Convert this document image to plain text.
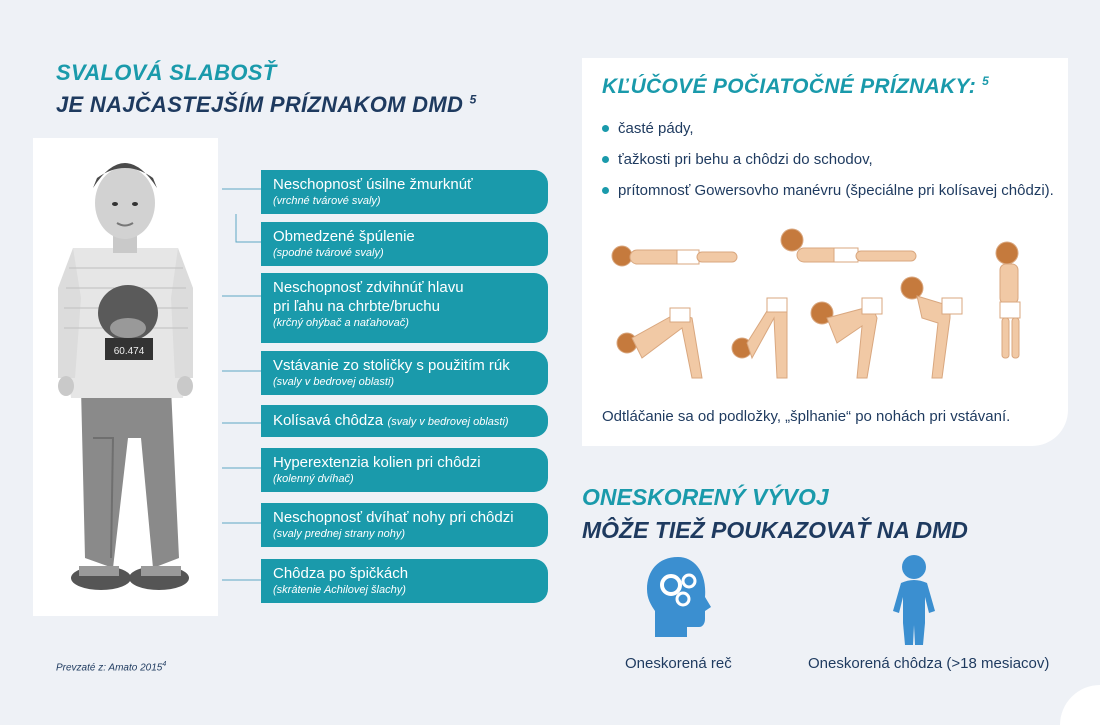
SVALOVÁ SLABOSŤ
JE NAJČASTEJŠÍM PRÍZNAKOM DMD $^5$
60.474
Neschopnosť úsilne žmurknúť
(vrchné tvárové svaly)
Obmedzené špúlenie
(spodné tvárové svaly)
Neschopnosť zdvihnúť hlavu
pri ľahu na chrbte/bruchu
(krčný ohýbač a naťahovač)
Vstávanie zo stoličky s použitím rúk
(svaly v bedrovej oblasti)
Kolísavá chôdza (svaly v bedrovej oblasti)
Hyperextenzia kolien pri chôdzi
(kolenný dvíhač)
Neschopnosť dvíhať nohy pri chôdzi
(svaly prednej strany nohy)
Chôdza po špičkách
(skrátenie Achilovej šlachy)
Prevzaté z: Amato 2015$^4$
KĽÚČOVÉ POČIATOČNÉ PRÍZNAKY: $^5$
časté pády,
ťažkosti pri behu a chôdzi do schodov,
prítomnosť Gowersovho manévru (špeciálne pri kolísavej chôdzi).
Odtláčanie sa od podložky, „šplhanie“ po nohách pri vstávaní.
ONESKORENÝ VÝVOJ
MÔŽE TIEŽ POUKAZOVAŤ NA DMD
Oneskorená reč	Oneskorená chôdza (>18 mesiacov)
